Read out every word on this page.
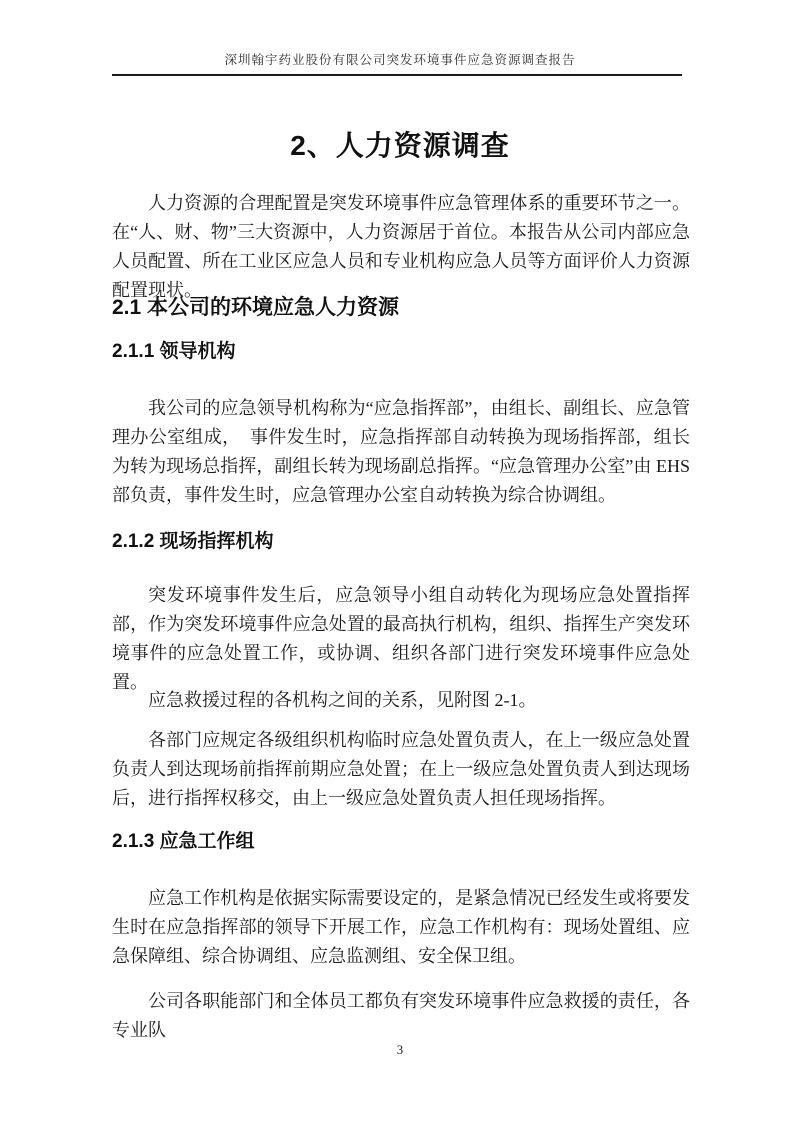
深圳翰宇药业股份有限公司突发环境事件应急资源调查报告
2、人力资源调查

人力资源的合理配置是突发环境事件应急管理体系的重要环节之一。在“人、财、物”三大资源中，人力资源居于首位。本报告从公司内部应急人员配置、所在工业区应急人员和专业机构应急人员等方面评价人力资源配置现状。

2.1 本公司的环境应急人力资源
2.1.1 领导机构

我公司的应急领导机构称为“应急指挥部”，由组长、副组长、应急管理办公室组成，　事件发生时，应急指挥部自动转换为现场指挥部，组长为转为现场总指挥，副组长转为现场副总指挥。“应急管理办公室”由 EHS 部负责，事件发生时，应急管理办公室自动转换为综合协调组。

2.1.2 现场指挥机构

突发环境事件发生后，应急领导小组自动转化为现场应急处置指挥部，作为突发环境事件应急处置的最高执行机构，组织、指挥生产突发环境事件的应急处置工作，或协调、组织各部门进行突发环境事件应急处置。

应急救援过程的各机构之间的关系，见附图 2-1。

各部门应规定各级组织机构临时应急处置负责人，在上一级应急处置负责人到达现场前指挥前期应急处置；在上一级应急处置负责人到达现场后，进行指挥权移交，由上一级应急处置负责人担任现场指挥。

2.1.3 应急工作组

应急工作机构是依据实际需要设定的，是紧急情况已经发生或将要发生时在应急指挥部的领导下开展工作，应急工作机构有：现场处置组、应急保障组、综合协调组、应急监测组、安全保卫组。

公司各职能部门和全体员工都负有突发环境事件应急救援的责任，各专业队

3
